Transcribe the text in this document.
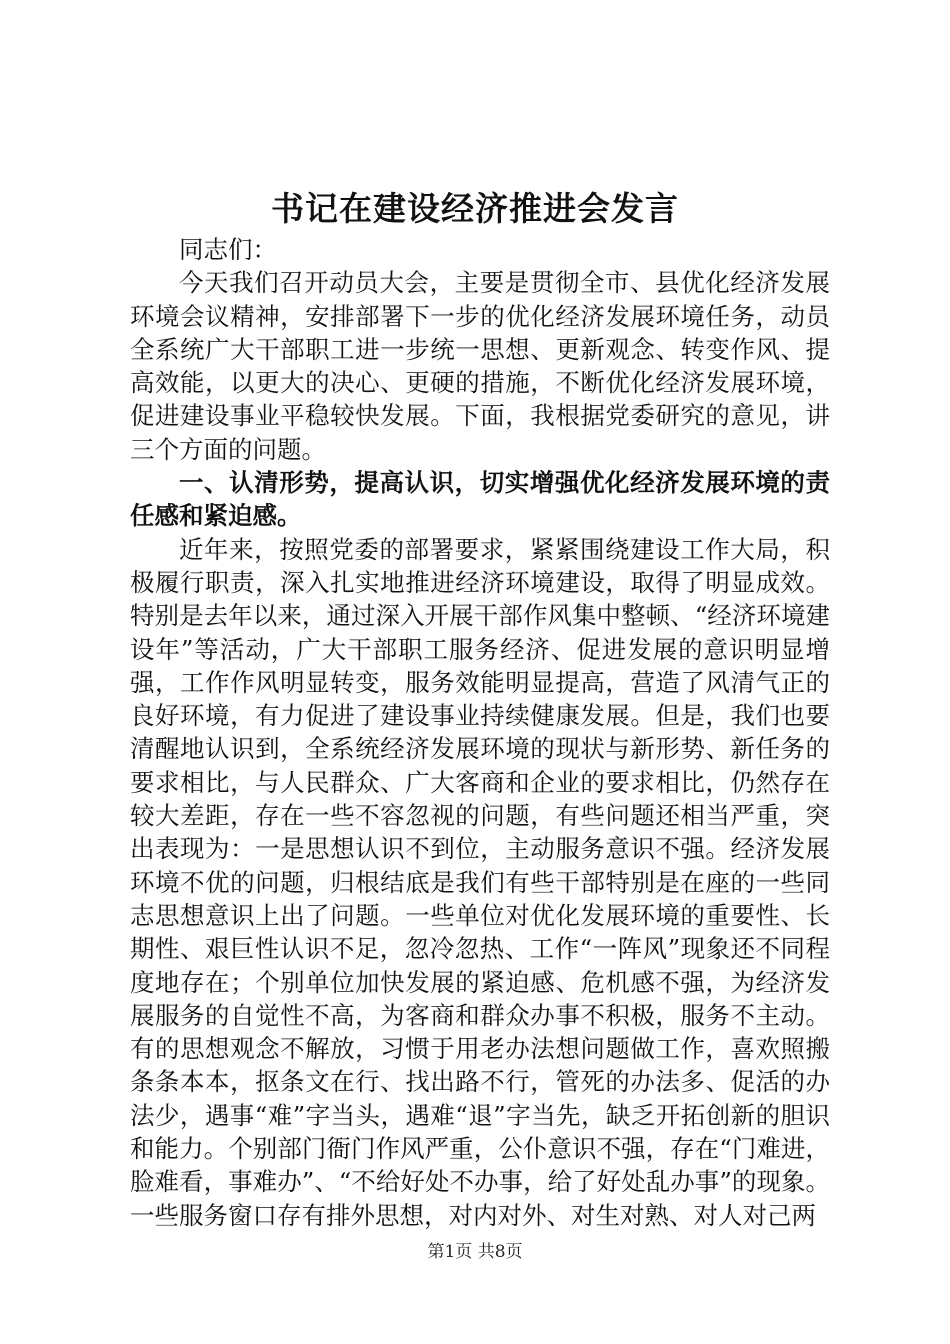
书记在建设经济推进会发言

同志们：

今天我们召开动员大会，主要是贯彻全市、县优化经济发展环境会议精神，安排部署下一步的优化经济发展环境任务，动员全系统广大干部职工进一步统一思想、更新观念、转变作风、提高效能，以更大的决心、更硬的措施，不断优化经济发展环境，促进建设事业平稳较快发展。下面，我根据党委研究的意见，讲三个方面的问题。

一、认清形势，提高认识，切实增强优化经济发展环境的责任感和紧迫感。

近年来，按照党委的部署要求，紧紧围绕建设工作大局，积极履行职责，深入扎实地推进经济环境建设，取得了明显成效。特别是去年以来，通过深入开展干部作风集中整顿、“经济环境建设年”等活动，广大干部职工服务经济、促进发展的意识明显增强，工作作风明显转变，服务效能明显提高，营造了风清气正的良好环境，有力促进了建设事业持续健康发展。但是，我们也要清醒地认识到，全系统经济发展环境的现状与新形势、新任务的要求相比，与人民群众、广大客商和企业的要求相比，仍然存在较大差距，存在一些不容忽视的问题，有些问题还相当严重，突出表现为：一是思想认识不到位，主动服务意识不强。经济发展环境不优的问题，归根结底是我们有些干部特别是在座的一些同志思想意识上出了问题。一些单位对优化发展环境的重要性、长期性、艰巨性认识不足，忽冷忽热、工作“一阵风”现象还不同程度地存在；个别单位加快发展的紧迫感、危机感不强，为经济发展服务的自觉性不高，为客商和群众办事不积极，服务不主动。有的思想观念不解放，习惯于用老办法想问题做工作，喜欢照搬条条本本，抠条文在行、找出路不行，管死的办法多、促活的办法少，遇事“难”字当头，遇难“退”字当先，缺乏开拓创新的胆识和能力。个别部门衙门作风严重，公仆意识不强，存在“门难进，脸难看，事难办”、“不给好处不办事，给了好处乱办事”的现象。一些服务窗口存有排外思想，对内对外、对生对熟、对人对己两

第1页 共8页
